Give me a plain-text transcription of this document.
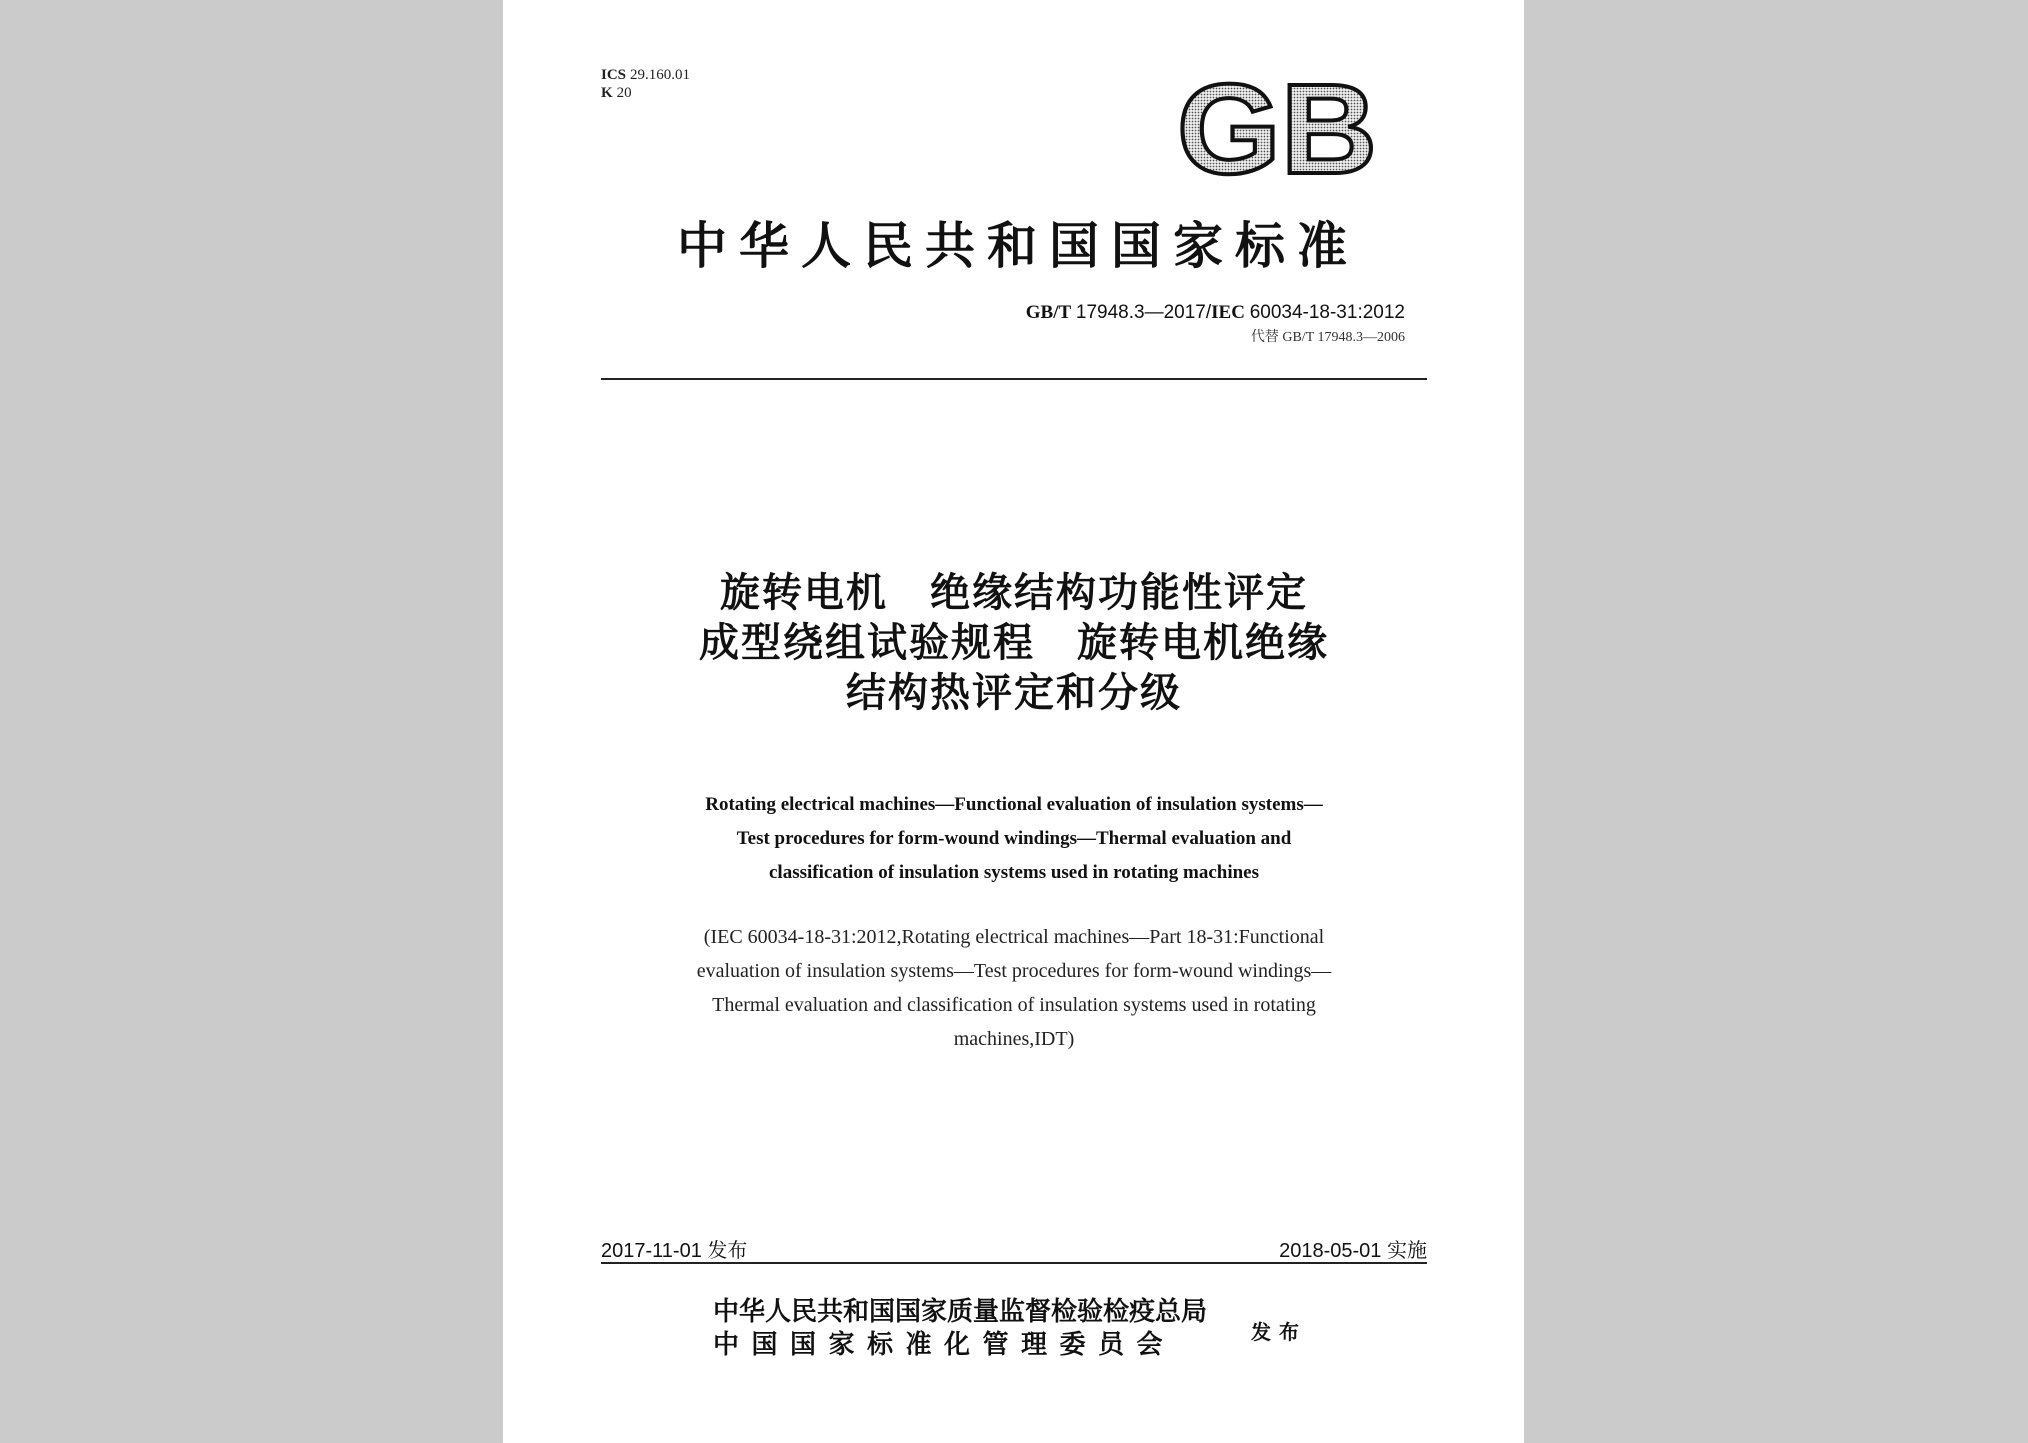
ICS 29.160.01
K 20	GB
中华人民共和国国家标准
GB/T 17948.3—2017/IEC 60034-18-31:2012
代替 GB/T 17948.3—2006
旋转电机　绝缘结构功能性评定
成型绕组试验规程　旋转电机绝缘
结构热评定和分级
Rotating electrical machines—Functional evaluation of insulation systems—
Test procedures for form-wound windings—Thermal evaluation and
classification of insulation systems used in rotating machines
(IEC 60034-18-31:2012,Rotating electrical machines—Part 18-31:Functional
evaluation of insulation systems—Test procedures for form-wound windings—
Thermal evaluation and classification of insulation systems used in rotating
machines,IDT)
2017-11-01 发布	2018-05-01 实施
中华人民共和国国家质量监督检验检疫总局
中国国家标准化管理委员会	发布
